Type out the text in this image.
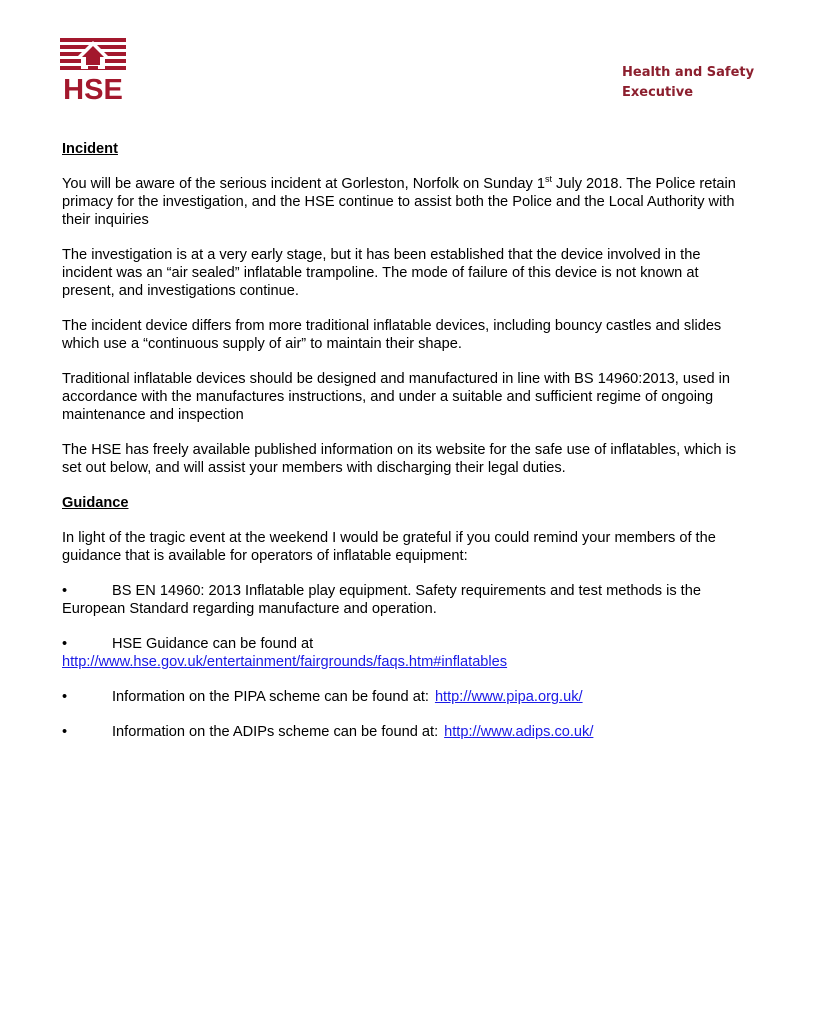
HSE
Health and Safety
Executive
Incident
You will be aware of the serious incident at Gorleston, Norfolk on Sunday 1st July 2018. The Police retain primacy for the investigation, and the HSE continue to assist both the Police and the Local Authority with their inquiries
The investigation is at a very early stage, but it has been established that the device involved in the incident was an “air sealed” inflatable trampoline. The mode of failure of this device is not known at present, and investigations continue.
The incident device differs from more traditional inflatable devices, including bouncy castles and slides which use a “continuous supply of air” to maintain their shape.
Traditional inflatable devices should be designed and manufactured in line with BS 14960:2013, used in accordance with the manufactures instructions, and under a suitable and sufficient regime of ongoing maintenance and inspection
The HSE has freely available published information on its website for the safe use of inflatables, which is set out below, and will assist your members with discharging their legal duties.
Guidance
In light of the tragic event at the weekend I would be grateful if you could remind your members of the guidance that is available for operators of inflatable equipment:
•	BS EN 14960: 2013 Inflatable play equipment. Safety requirements and test methods is the European Standard regarding manufacture and operation.
•	HSE Guidance can be found at
http://www.hse.gov.uk/entertainment/fairgrounds/faqs.htm#inflatables
•	Information on the PIPA scheme can be found at: http://www.pipa.org.uk/
•	Information on the ADIPs scheme can be found at: http://www.adips.co.uk/
